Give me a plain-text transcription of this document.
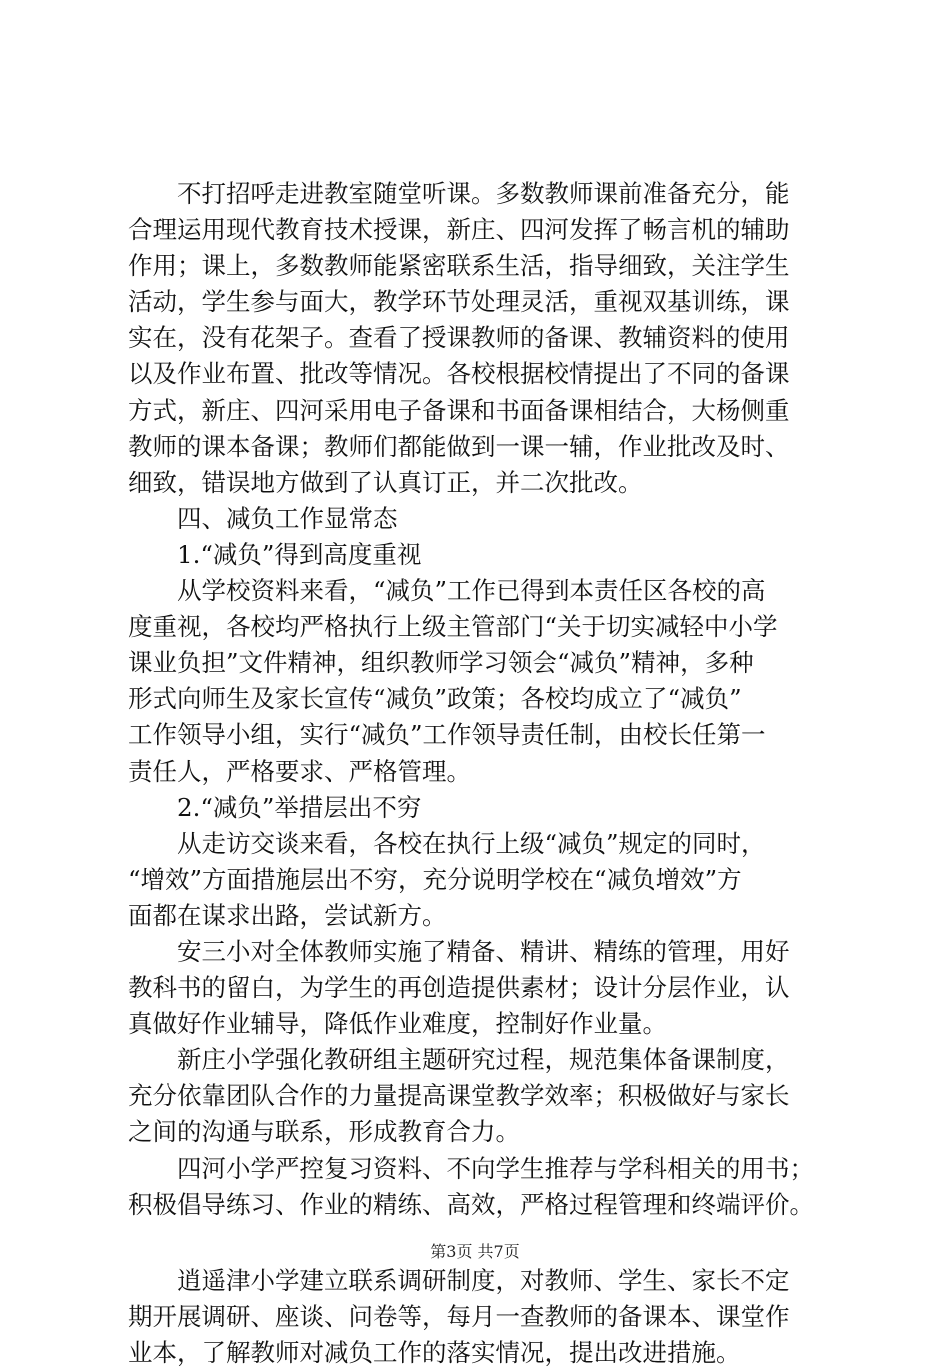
不打招呼走进教室随堂听课。多数教师课前准备充分，能
合理运用现代教育技术授课，新庄、四河发挥了畅言机的辅助
作用；课上，多数教师能紧密联系生活，指导细致，关注学生
活动，学生参与面大，教学环节处理灵活，重视双基训练，课
实在，没有花架子。查看了授课教师的备课、教辅资料的使用
以及作业布置、批改等情况。各校根据校情提出了不同的备课
方式，新庄、四河采用电子备课和书面备课相结合，大杨侧重
教师的课本备课；教师们都能做到一课一辅，作业批改及时、
细致，错误地方做到了认真订正，并二次批改。
四、减负工作显常态
1.“减负”得到高度重视
从学校资料来看，“减负”工作已得到本责任区各校的高
度重视，各校均严格执行上级主管部门“关于切实减轻中小学
课业负担”文件精神，组织教师学习领会“减负”精神，多种
形式向师生及家长宣传“减负”政策；各校均成立了“减负”
工作领导小组，实行“减负”工作领导责任制，由校长任第一
责任人，严格要求、严格管理。
2.“减负”举措层出不穷
从走访交谈来看，各校在执行上级“减负”规定的同时，
“增效”方面措施层出不穷，充分说明学校在“减负增效”方
面都在谋求出路，尝试新方。
安三小对全体教师实施了精备、精讲、精练的管理，用好
教科书的留白，为学生的再创造提供素材；设计分层作业，认
真做好作业辅导，降低作业难度，控制好作业量。
新庄小学强化教研组主题研究过程，规范集体备课制度，
充分依靠团队合作的力量提高课堂教学效率；积极做好与家长
之间的沟通与联系，形成教育合力。
四河小学严控复习资料、不向学生推荐与学科相关的用书；
积极倡导练习、作业的精练、高效，严格过程管理和终端评价。
逍遥津小学建立联系调研制度，对教师、学生、家长不定
期开展调研、座谈、问卷等，每月一查教师的备课本、课堂作
业本，了解教师对减负工作的落实情况，提出改进措施。
第3页 共7页
